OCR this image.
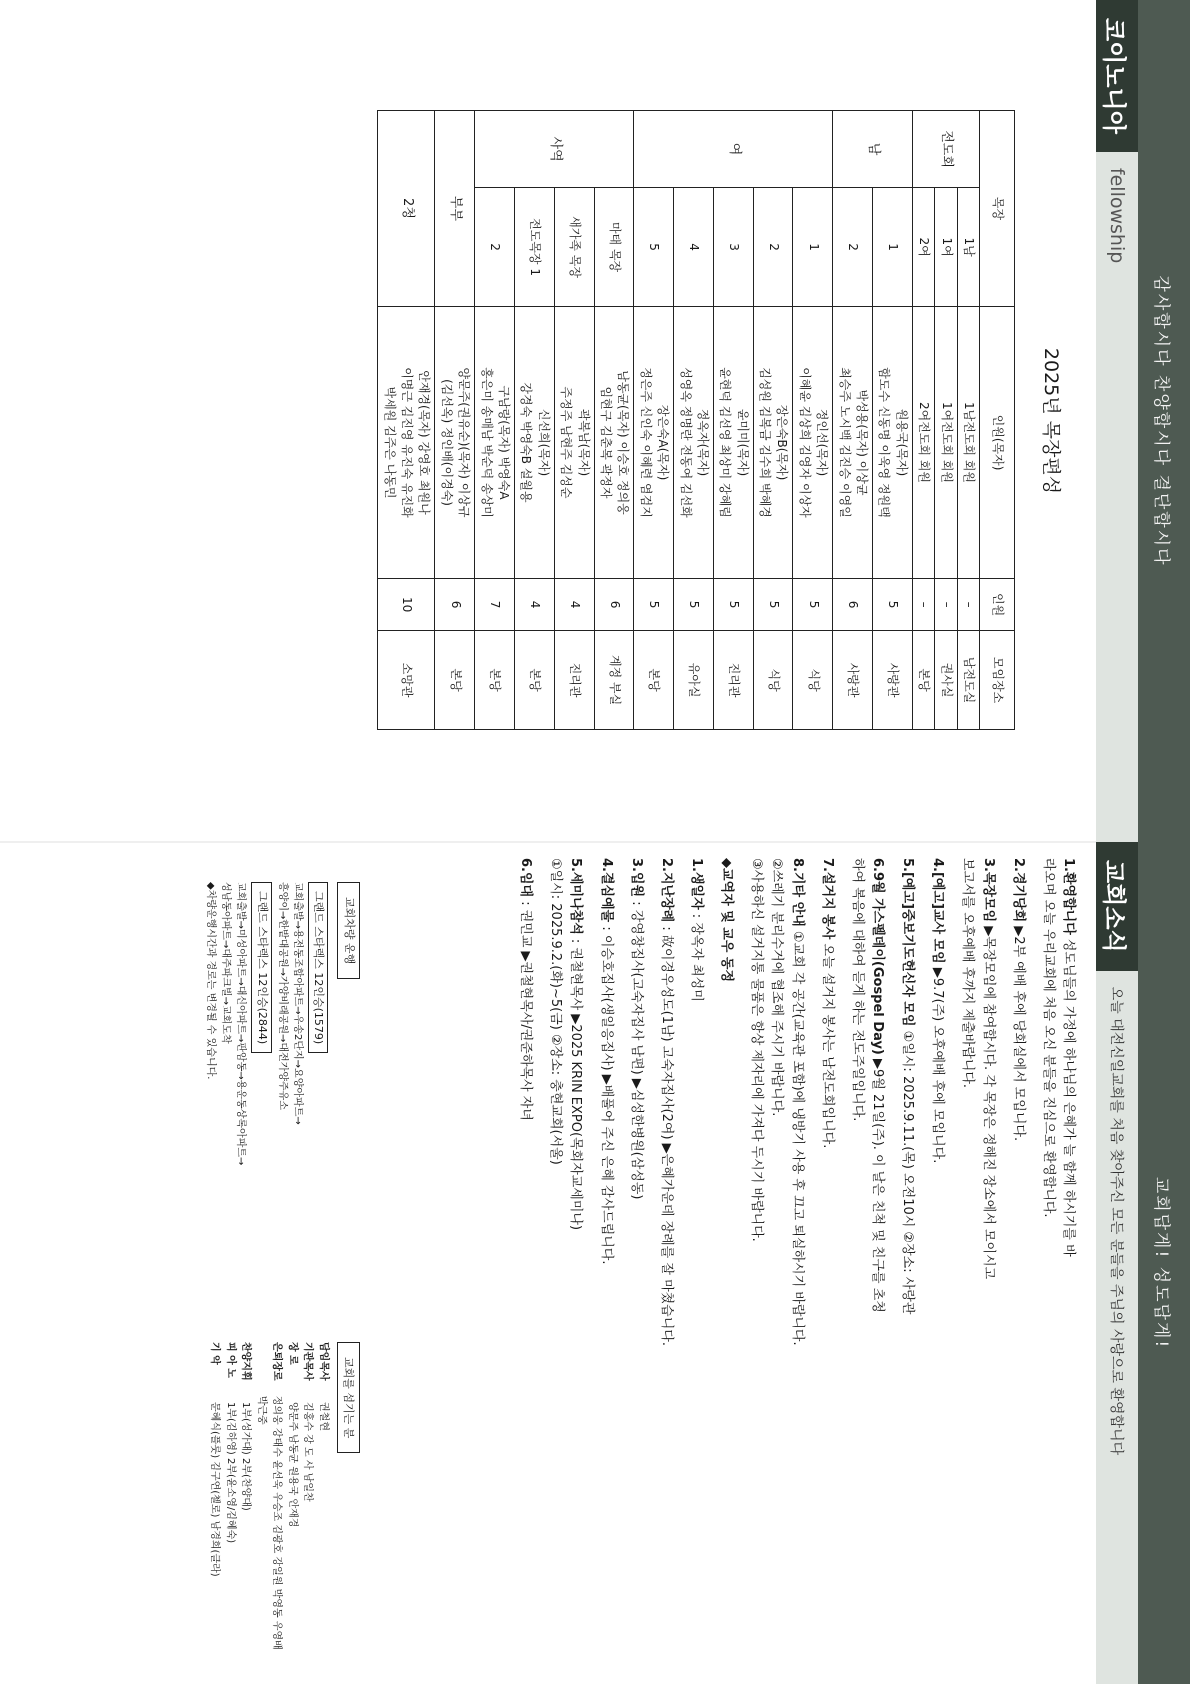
감사합시다 찬양합시다 결단합시다
코이노니아
fellowship
2025년 목장편성
목장		인원(목자)	인원	모임장소
전도회	1남	1남전도회 회원	–	남전도실
	1여	1여전도회 회원	–	권사실
	2여	2여전도회 회원	–	본당
남	1	원용국(목자)
함도수 신동명 이욱영 정원택	5	사랑관
	2	박성용(목자) 이상균
최승주 노시백 김진승 이영일	6	사랑관
여	1	정인선(목자)
이혜윤 김상희 김영자 이상자	5	식당
	2	장은숙B(목자)
김성원 김복금 김수희 박혜경	5	식당
	3	윤미미(목자)
윤현덕 김선영 최상미 강혜림	5	진리관
	4	정옥자(목자)
성영옥 정명란 전동여 김선화	5	유아실
	5	장은숙A(목자)
정은주 신인숙 이혜련 염검지	5	본당
사역	마태 목장	남동균(목자) 이승호 정의웅
임현구 김춘복 곽정자	6	계정 부실
	새가족 목장	곽복남(목자)
주정주 남현주 김성순	4	진리관
	전도목장 1	신선희(목자)
강경숙 박영숙B 설월용	4	본당
	2	구남랑(목자) 박영숙A
홍은미 송매남 박순덕 송상미	7	본당
부부		양문주(권유순)(목자) 이상규
(김선옥) 정인배(이경숙)	6	본당
2청		안재경(목자) 강영호 최원나
이명근 김진영 유진숙 유진화
박세원 김주은 나동민	10	소망관
교회답게! 성도답게!
교회소식
오늘 대전신일교회를 처음 찾아주신 모든 분들을 주님의 사랑으로 환영합니다

1.환영합니다 성도님들의 가정에 하나님의 은혜가 늘 함께 하시기를 바
라오며 오늘 우리교회에 처음 오신 분들을 진심으로 환영합니다.

2.경기당회 ▶2부 예배 후에 당회실에서 모입니다.

3.목장모임 ▶목장모임에 참여합시다. 각 목장은 정해진 장소에서 모이시고
보고서를 오후예배 후까지 제출바랍니다.

4.[예고]교사 모임 ▶9.7(주) 오후예배 후에 모입니다.

5.[예고]중보기도헌신자 모임 ①일시: 2025.9.11.(목) 오전10시 ②장소: 사랑관

6.9월 가스펠데이(Gospel Day) ▶9월 21일(주). 이 날은 친척 및 친구를 초청
하여 복음에 대하여 듣게 하는 전도주일입니다.

7.설거지 봉사 오늘 설거지 봉사는 남전도회입니다.

8.기타 안내 ①교회 각 공간(교육관 포함)에 냉방기 사용 후 끄고 퇴실하시기 바랍니다.
②쓰레기 분리수거에 협조해 주시기 바랍니다.
③사용하신 설거지통 물품은 항상 제자리에 가져다 두시기 바랍니다.

◆교역자 및 교우 동정

1.생일자 : 장옥자 최성미

2.지난장례 : 故이경우성도(1남) 고숙자집사(2여) ▶은혜가운데 장례를 잘 마쳤습니다.

3.입원 : 강영창집사(고숙자집사 남편) ▶심성한병원(삼성동)

4.결심예물 : 이승호집사(생일응집사) ▶배풀어 주신 은혜 감사드립니다.

5.세미나참석 : 권철현목사 ▶2025 KRIN EXPO(목회자교세미나)
①일시: 2025.9.2.(화)~5(금) ②장소: 충현교회(서울)

6.임대 : 권민교 ▶권철현목사/권준하목사 자녀

교회차량 운행
그랜드 스타렉스 12인승(1579)
교회출발→용전동조합아파트→우송2단지→요양아파트→
흥양이→한밭대공원→가양비래공원→대전가양주유소
그랜드 스타렉스 12인승(2844)
교회출발→미성아파트→대신아파트→판암동→용운동상록아파트→
성남동아파트→대주파크빌→교회도착
◆차량운행시간과 경로는 변경될 수 있습니다.
교회를 섬기는 분
담임목사
권철현
기관목사
김홍수 강 도 사 남일찬
장 로
양문주 남동균 원용국 안재경
은퇴장로
정의웅 강태수 윤선욱 우승조 김광호 강일원 박영동 우영배 박근중
찬양지휘
1부(성가대) 2부(찬양대)
피 아 노
1부(김하영) 2부(윤소영/김혜숙)
기 악
문혜식(플룻) 김구연(첼로) 남경희(클라)
